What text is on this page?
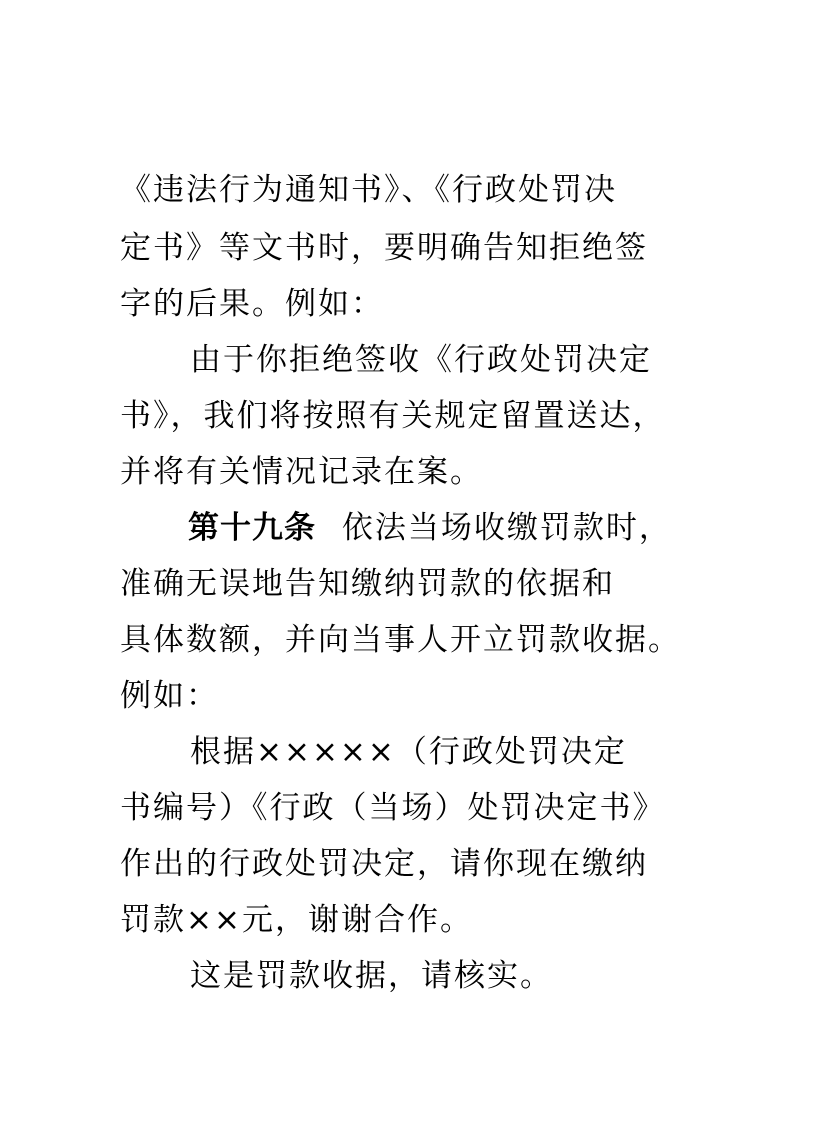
《违法行为通知书》、《行政处罚决
定书》等文书时，要明确告知拒绝签
字的后果。例如：
由于你拒绝签收《行政处罚决定
书》，我们将按照有关规定留置送达，
并将有关情况记录在案。
第十九条 依法当场收缴罚款时，
准确无误地告知缴纳罚款的依据和
具体数额，并向当事人开立罚款收据。
例如：
根据×××××（行政处罚决定
书编号）《行政（当场）处罚决定书》
作出的行政处罚决定，请你现在缴纳
罚款××元，谢谢合作。
这是罚款收据，请核实。
